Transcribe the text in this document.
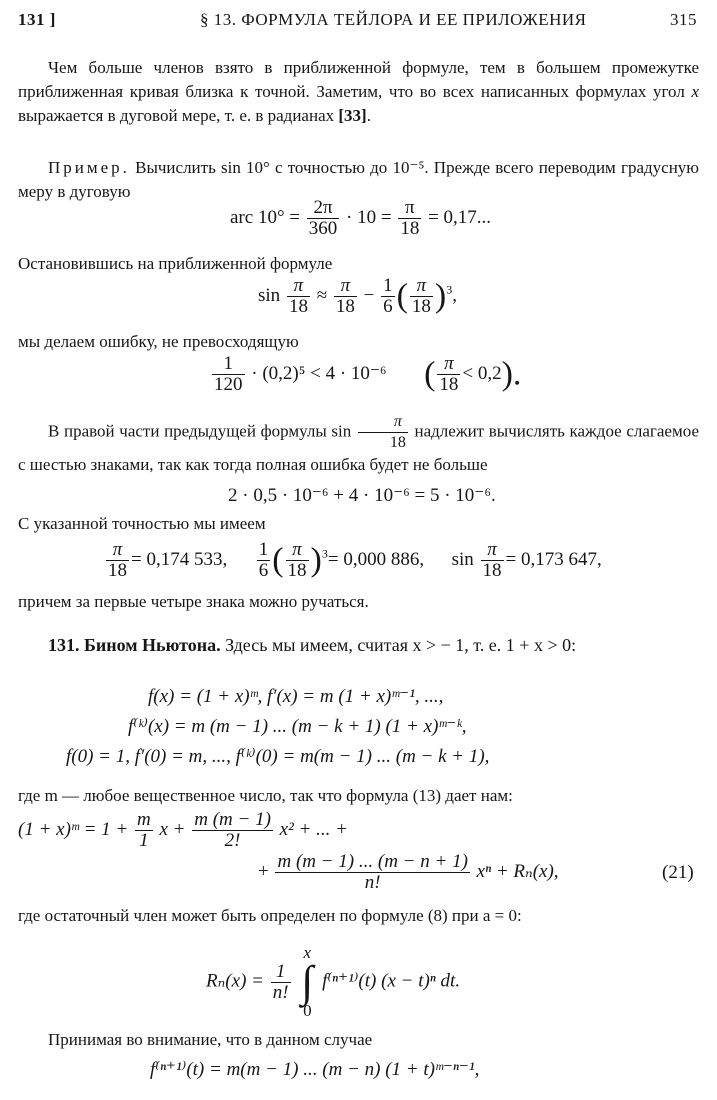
131 ]	§ 13. ФОРМУЛА ТЕЙЛОРА И ЕЕ ПРИЛОЖЕНИЯ	315
Чем больше членов взято в приближенной формуле, тем в большем промежутке приближенная кривая близка к точной. Заметим, что во всех написанных формулах угол x выражается в дуговой мере, т. е. в радианах [33].
Пример. Вычислить sin 10° с точностью до 10⁻⁵. Прежде всего переводим градусную меру в дуговую
arc $10^\circ = \frac{2\pi}{360} \cdot 10 = \frac{\pi}{18} = 0,17$...
Остановившись на приближенной формуле
$\sin \frac{\pi}{18} \approx \frac{\pi}{18} - \frac{1}{6}$ ( $\frac{\pi}{18} )^3$,
мы делаем ошибку, не превосходящую
$\frac{1}{120} \cdot (0,2)^5 < 4 \cdot 10^{-6}$ ( $\frac{\pi}{18} < 0,2$).
В правой части предыдущей формулы $\sin \frac{\pi}{18}$ надлежит вычислять каждое слагаемое с шестью знаками, так как тогда полная ошибка будет не больше
2 · 0,5 · 10⁻⁶ + 4 · 10⁻⁶ = 5 · 10⁻⁶.
С указанной точностью мы имеем
$\frac{\pi}{18} = 0,174$ 533, $\frac{1}{6}$ ( $\frac{\pi}{18} )^3= 0,000$ 886, $\sin \frac{\pi}{18} = 0,173$ 647,
причем за первые четыре знака можно ручаться.
131. Бином Ньютона. Здесь мы имеем, считая x > − 1, т. е. 1 + x > 0:
f(x) = (1 + x)ᵐ, f′(x) = m (1 + x)ᵐ⁻¹, ...,
f⁽ᵏ⁾(x) = m (m − 1) ... (m − k + 1) (1 + x)ᵐ⁻ᵏ,
f(0) = 1, f′(0) = m, ..., f⁽ᵏ⁾(0) = m(m − 1) ... (m − k + 1),
где m — любое вещественное число, так что формула (13) дает нам:
(1 + x)ᵐ = $1 + \frac{m}{1}$ $x + \frac{m (m - 1)}{2!} x^2$ + ... +
+ $\frac{m (m - 1) ... (m - n + 1)}{n!}$ xⁿ + Rₙ(x),	(21)
где остаточный член может быть определен по формуле (8) при a = 0:
$R_n(x) = \frac{1}{n!}$
x
∫
0 f⁽ⁿ⁺¹⁾(t) (x − t)ⁿ dt.
Принимая во внимание, что в данном случае
f⁽ⁿ⁺¹⁾(t) = m(m − 1) ... (m − n) (1 + t)ᵐ⁻ⁿ⁻¹,
